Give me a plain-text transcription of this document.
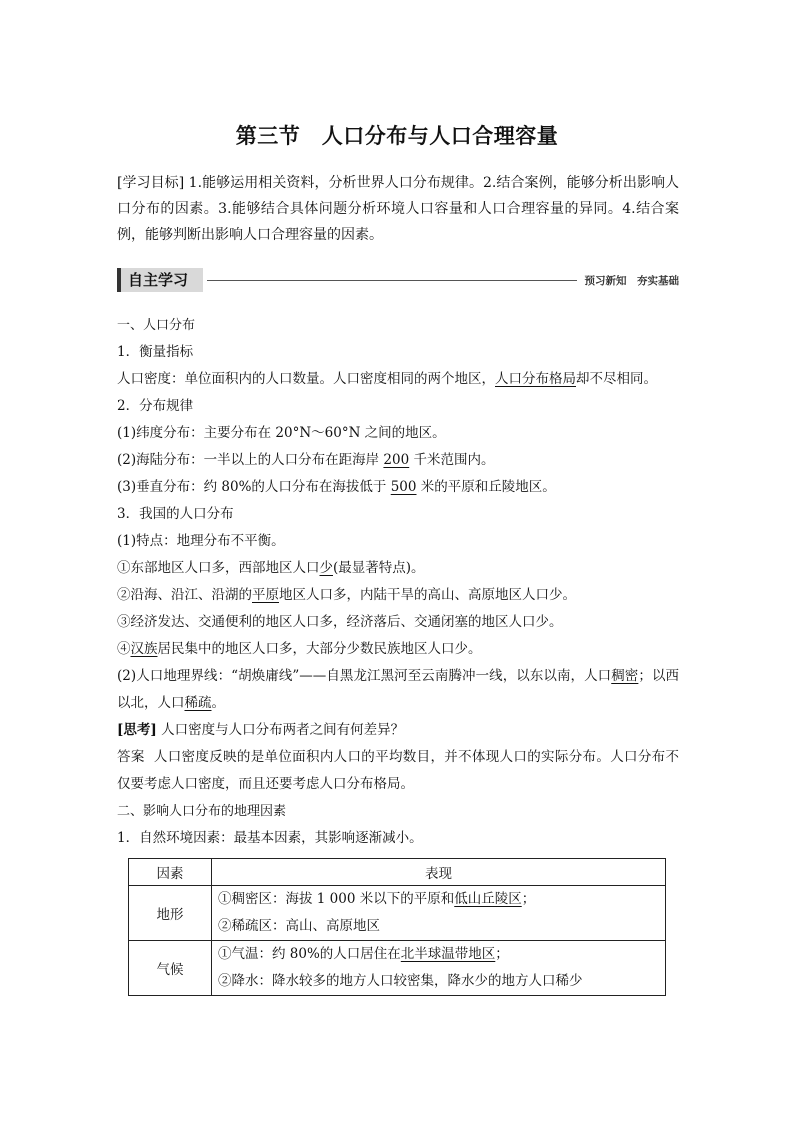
第三节　人口分布与人口合理容量
[学习目标] 1.能够运用相关资料，分析世界人口分布规律。2.结合案例，能够分析出影响人口分布的因素。3.能够结合具体问题分析环境人口容量和人口合理容量的异同。4.结合案例，能够判断出影响人口合理容量的因素。
自主学习	预习新知　夯实基础

一、人口分布

1．衡量指标

人口密度：单位面积内的人口数量。人口密度相同的两个地区，人口分布格局却不尽相同。

2．分布规律

(1)纬度分布：主要分布在 20°N～60°N 之间的地区。

(2)海陆分布：一半以上的人口分布在距海岸 200 千米范围内。

(3)垂直分布：约 80%的人口分布在海拔低于 500 米的平原和丘陵地区。

3．我国的人口分布

(1)特点：地理分布不平衡。

①东部地区人口多，西部地区人口少(最显著特点)。

②沿海、沿江、沿湖的平原地区人口多，内陆干旱的高山、高原地区人口少。

③经济发达、交通便利的地区人口多，经济落后、交通闭塞的地区人口少。

④汉族居民集中的地区人口多，大部分少数民族地区人口少。

(2)人口地理界线：“胡焕庸线”——自黑龙江黑河至云南腾冲一线，以东以南，人口稠密；以西以北，人口稀疏。

[思考] 人口密度与人口分布两者之间有何差异？

答案 人口密度反映的是单位面积内人口的平均数目，并不体现人口的实际分布。人口分布不仅要考虑人口密度，而且还要考虑人口分布格局。

二、影响人口分布的地理因素

1．自然环境因素：最基本因素，其影响逐渐减小。

因素	表现
地形	①稠密区：海拔 1 000 米以下的平原和低山丘陵区；

②稀疏区：高山、高原地区

气候	①气温：约 80%的人口居住在北半球温带地区；

②降水：降水较多的地方人口较密集，降水少的地方人口稀少
